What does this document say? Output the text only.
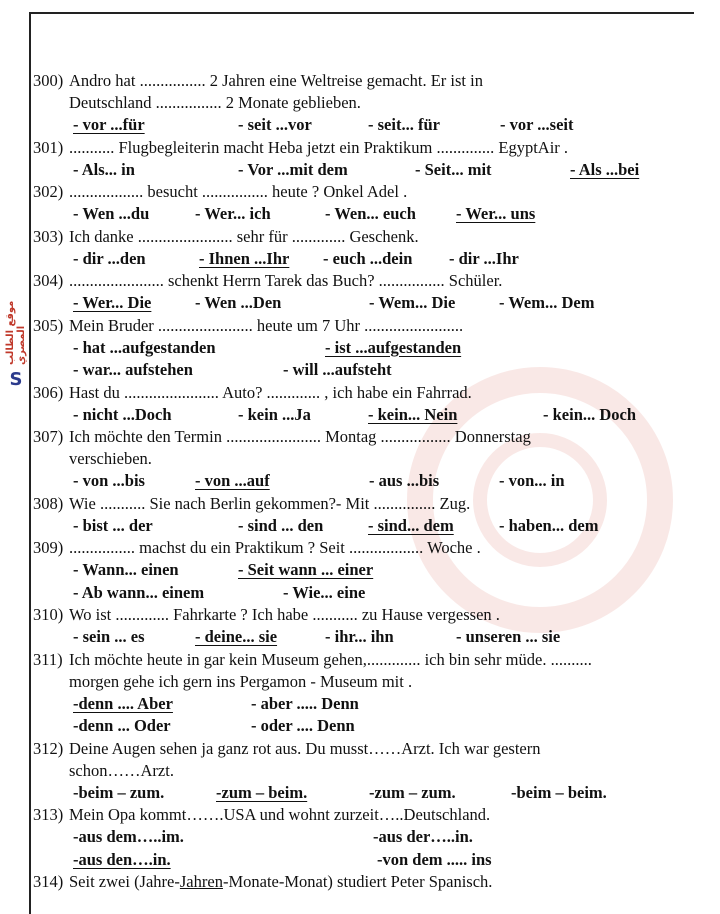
موقع الطالب المصري
S
300) Andro hat ................ 2 Jahren eine Weltreise gemacht. Er ist in
Deutschland ................ 2 Monate geblieben.
- vor ...für	- seit ...vor	- seit... für	- vor ...seit
301) ........... Flugbegleiterin macht Heba jetzt ein Praktikum .............. EgyptAir .
- Als... in	- Vor ...mit dem	- Seit... mit	- Als ...bei
302) .................. besucht ................ heute ? Onkel Adel .
- Wen ...du	- Wer... ich	- Wen... euch - Wer... uns
303) Ich danke ....................... sehr für ............. Geschenk.
- dir ...den	- Ihnen ...Ihr - euch ...dein - dir ...Ihr
304) ....................... schenkt Herrn Tarek das Buch? ................ Schüler.
- Wer... Die	- Wen ...Den	- Wem... Die	- Wem... Dem
305) Mein Bruder ....................... heute um 7 Uhr ........................
- hat ...aufgestanden	- ist ...aufgestanden
- war... aufstehen	- will ...aufsteht
306) Hast du ....................... Auto? ............. , ich habe ein Fahrrad.
- nicht ...Doch	- kein ...Ja	- kein... Nein	- kein... Doch
307) Ich möchte den Termin ....................... Montag ................. Donnerstag
verschieben.
- von ...bis	- von ...auf	- aus ...bis	- von... in
308) Wie ........... Sie nach Berlin gekommen?- Mit ............... Zug.
- bist ... der	- sind ... den	- sind... dem	- haben... dem
309) ................ machst du ein Praktikum ? Seit .................. Woche .
- Wann... einen	- Seit wann ... einer
- Ab wann... einem	- Wie... eine
310) Wo ist ............. Fahrkarte ? Ich habe ........... zu Hause vergessen .
- sein ... es	- deine... sie	- ihr... ihn	- unseren ... sie
311) Ich möchte heute in gar kein Museum gehen,............. ich bin sehr müde. ..........
morgen gehe ich gern ins Pergamon - Museum mit .
-denn .... Aber	- aber ..... Denn
-denn ... Oder	- oder .... Denn
312) Deine Augen sehen ja ganz rot aus. Du musst……Arzt. Ich war gestern
schon……Arzt.
-beim – zum.	-zum – beim.	-zum – zum.	-beim – beim.
313) Mein Opa kommt…….USA und wohnt zurzeit…..Deutschland.
-aus dem…..im.	-aus der…..in.
-aus den….in.	-von dem ..... ins
314) Seit zwei (Jahre-Jahren-Monate-Monat) studiert Peter Spanisch.
